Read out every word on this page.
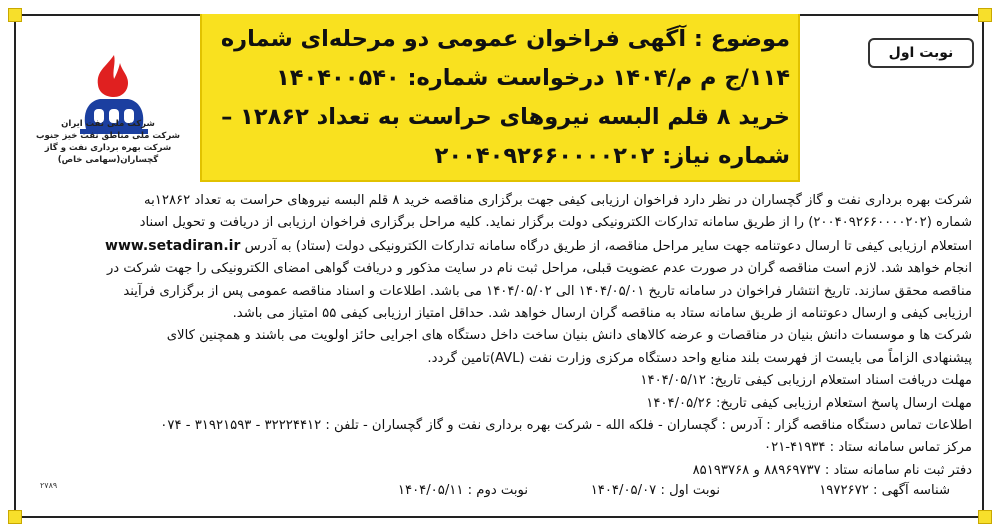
موضوع : آگهی فراخوان عمومی دو مرحله‌ای شماره
۱۱۴/ج م م/۱۴۰۴ درخواست شماره: ۱۴۰۴۰۰۵۴۰
خرید ۸ قلم البسه نیروهای حراست به تعداد ۱۲۸۶۲ –
شماره نیاز: ۲۰۰۴۰۹۲۶۶۰۰۰۰۲۰۲
نوبت اول
شرکت ملی نفت ایران
شرکت ملی مناطق نفت خیز جنوب
شرکت بهره برداری نفت و گاز گچساران(سهامی خاص)
شرکت بهره برداری نفت و گاز گچساران در نظر دارد فراخوان ارزیابی کیفی جهت برگزاری مناقصه خرید ۸ قلم البسه نیروهای حراست به تعداد ۱۲۸۶۲به
شماره (۲۰۰۴۰۹۲۶۶۰۰۰۰۲۰۲) را از طریق سامانه تدارکات الکترونیکی دولت برگزار نماید. کلیه مراحل برگزاری فراخوان ارزیابی از دریافت و تحویل اسناد
استعلام ارزیابی کیفی تا ارسال دعوتنامه جهت سایر مراحل مناقصه، از طریق درگاه سامانه تدارکات الکترونیکی دولت (ستاد) به آدرس www.setadiran.ir
انجام خواهد شد. لازم است مناقصه گران در صورت عدم عضویت قبلی، مراحل ثبت نام در سایت مذکور و دریافت گواهی امضای الکترونیکی را جهت شرکت در
مناقصه محقق سازند. تاریخ انتشار فراخوان در سامانه تاریخ ۱۴۰۴/۰۵/۰۱ الی ۱۴۰۴/۰۵/۰۲ می باشد. اطلاعات و اسناد مناقصه عمومی پس از برگزاری فرآیند
ارزیابی کیفی و ارسال دعوتنامه از طریق سامانه ستاد به مناقصه گران ارسال خواهد شد. حداقل امتیاز ارزیابی کیفی ۵۵ امتیاز می باشد.
شرکت ها و موسسات دانش بنیان در مناقصات و عرضه کالاهای دانش بنیان ساخت داخل دستگاه های اجرایی حائز اولویت می باشند و همچنین کالای
پیشنهادی الزاماً می بایست از فهرست بلند منابع واحد دستگاه مرکزی وزارت نفت (AVL)تامین گردد.
مهلت دریافت اسناد استعلام ارزیابی کیفی تاریخ: ۱۴۰۴/۰۵/۱۲
مهلت ارسال پاسخ استعلام ارزیابی کیفی تاریخ: ۱۴۰۴/۰۵/۲۶
اطلاعات تماس دستگاه مناقصه گزار : آدرس : گچساران - فلکه الله - شرکت بهره برداری نفت و گاز گچساران - تلفن : ۳۲۲۲۴۴۱۲ - ۳۱۹۲۱۵۹۳ - ۰۷۴
مرکز تماس سامانه ستاد : ۴۱۹۳۴-۰۲۱
دفتر ثبت نام سامانه ستاد : ۸۸۹۶۹۷۳۷ و ۸۵۱۹۳۷۶۸
شناسه آگهی : ۱۹۷۲۶۷۲
نوبت اول : ۱۴۰۴/۰۵/۰۷
نوبت دوم : ۱۴۰۴/۰۵/۱۱
۲۷۸۹
